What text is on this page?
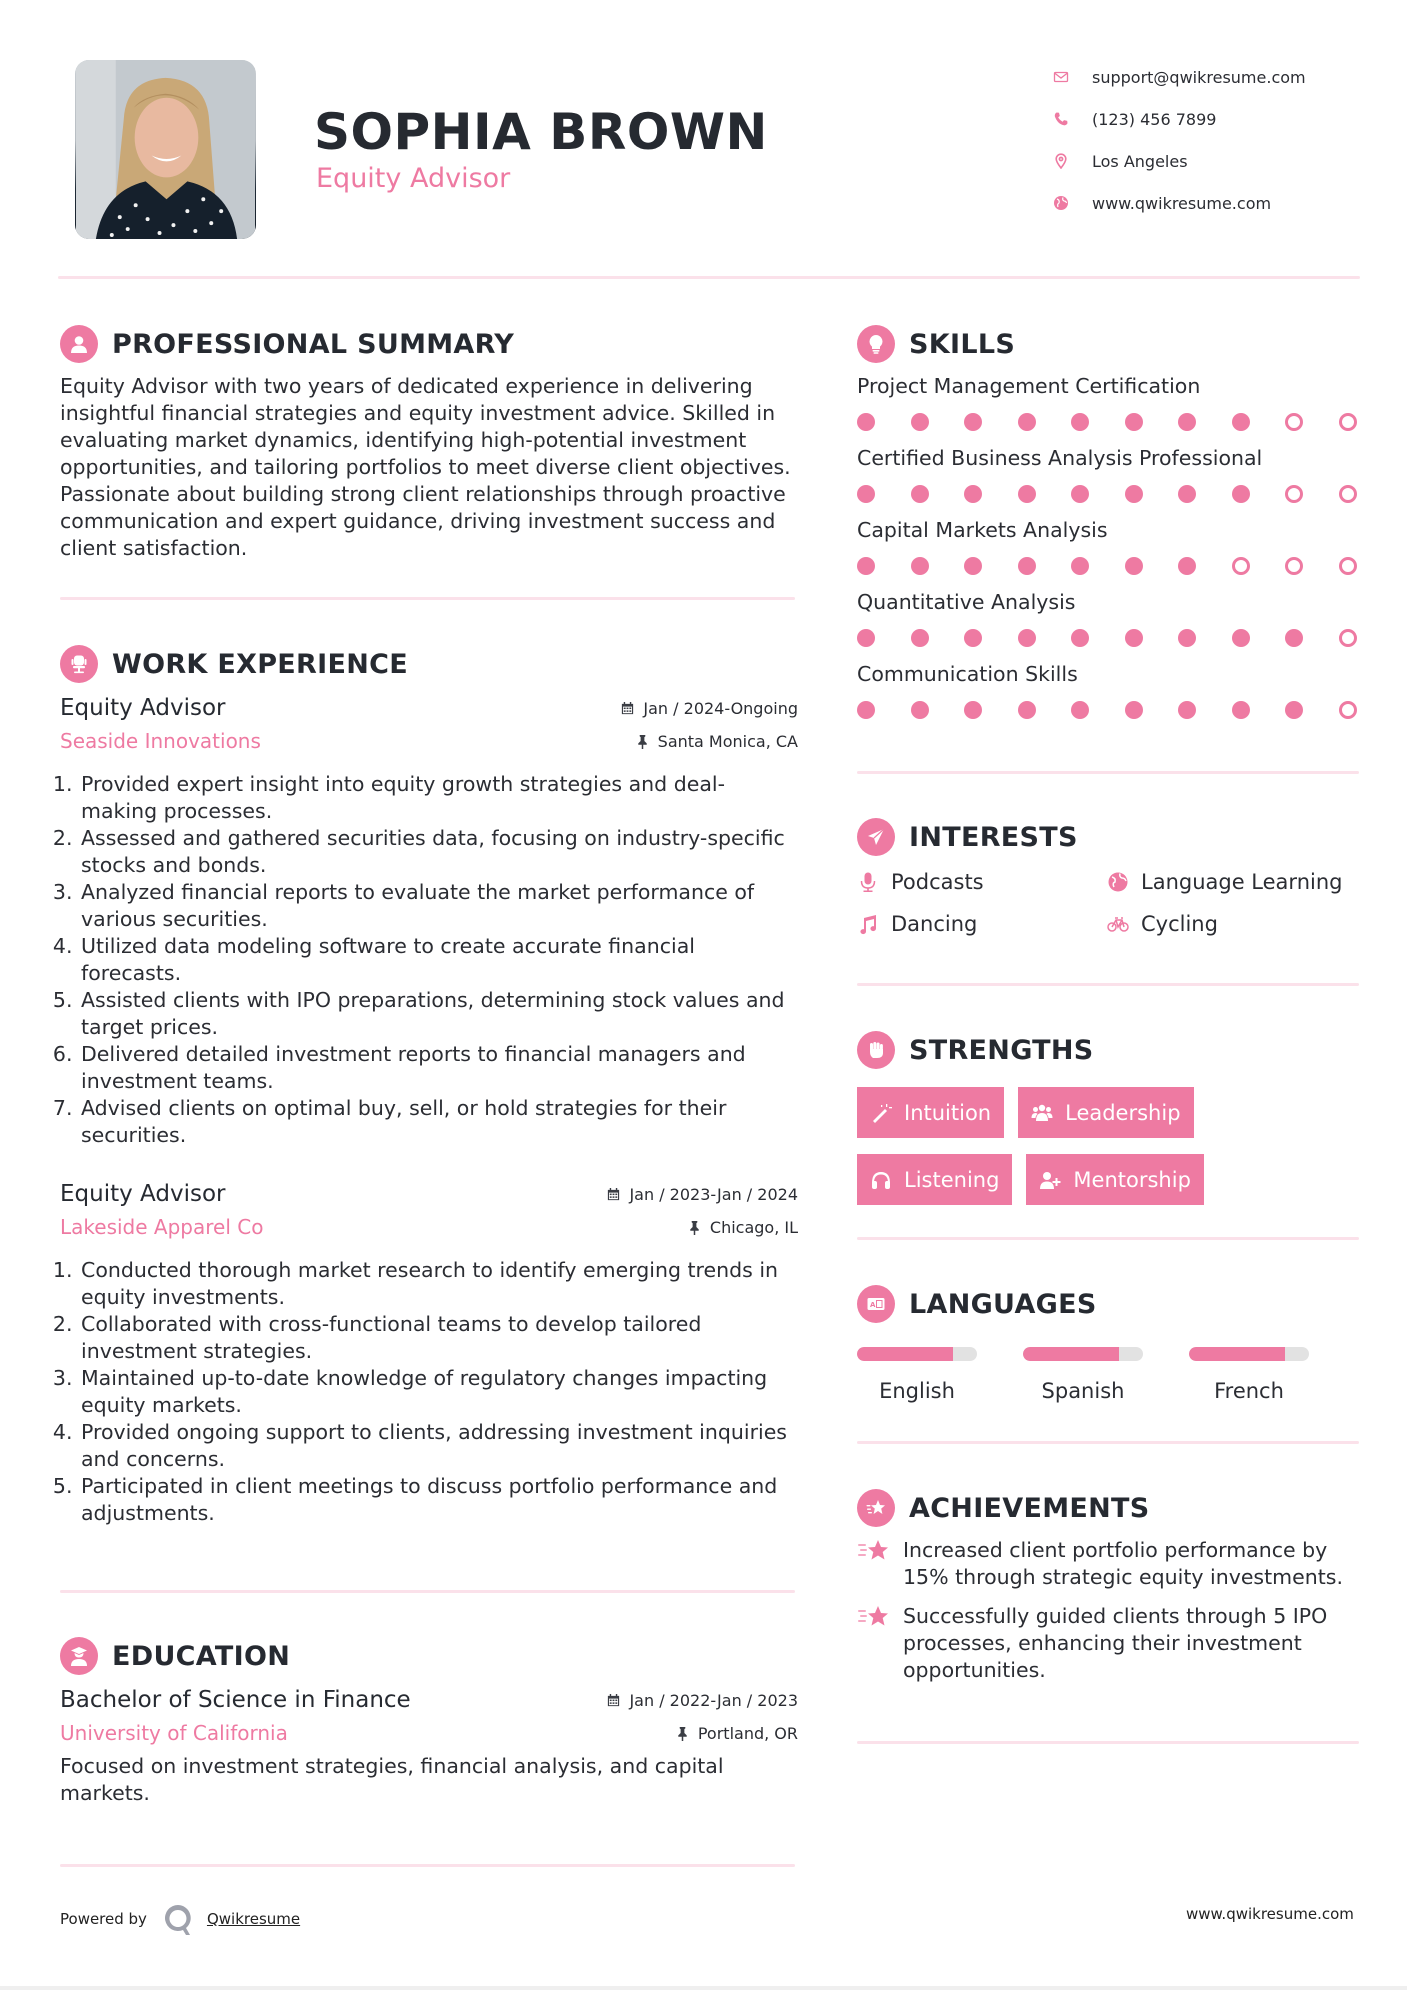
SOPHIA BROWN
Equity Advisor
support@qwikresume.com
(123) 456 7899
Los Angeles
www.qwikresume.com
PROFESSIONAL SUMMARY

Equity Advisor with two years of dedicated experience in delivering insightful financial strategies and equity investment advice. Skilled in evaluating market dynamics, identifying high-potential investment opportunities, and tailoring portfolios to meet diverse client objectives. Passionate about building strong client relationships through proactive communication and expert guidance, driving investment success and client satisfaction.

WORK EXPERIENCE
Equity Advisor	Jan / 2024-Ongoing
Seaside Innovations	Santa Monica, CA
1. Provided expert insight into equity growth strategies and deal-making processes.
2. Assessed and gathered securities data, focusing on industry-specific stocks and bonds.
3. Analyzed financial reports to evaluate the market performance of various securities.
4. Utilized data modeling software to create accurate financial forecasts.
5. Assisted clients with IPO preparations, determining stock values and target prices.
6. Delivered detailed investment reports to financial managers and investment teams.
7. Advised clients on optimal buy, sell, or hold strategies for their securities.
Equity Advisor	Jan / 2023-Jan / 2024
Lakeside Apparel Co	Chicago, IL
1. Conducted thorough market research to identify emerging trends in equity investments.
2. Collaborated with cross-functional teams to develop tailored investment strategies.
3. Maintained up-to-date knowledge of regulatory changes impacting equity markets.
4. Provided ongoing support to clients, addressing investment inquiries and concerns.
5. Participated in client meetings to discuss portfolio performance and adjustments.
EDUCATION
Bachelor of Science in Finance	Jan / 2022-Jan / 2023
University of California	Portland, OR

Focused on investment strategies, financial analysis, and capital markets.

SKILLS
Project Management Certification
Certified Business Analysis Professional
Capital Markets Analysis
Quantitative Analysis
Communication Skills
INTERESTS
Podcasts	Language Learning
Dancing	Cycling
STRENGTHS
Intuition	Leadership
Listening	Mentorship
A LANGUAGES
English	Spanish	French
ACHIEVEMENTS
Increased client portfolio performance by 15% through strategic equity investments.
Successfully guided clients through 5 IPO processes, enhancing their investment opportunities.
Powered by	Qwikresume	www.qwikresume.com
